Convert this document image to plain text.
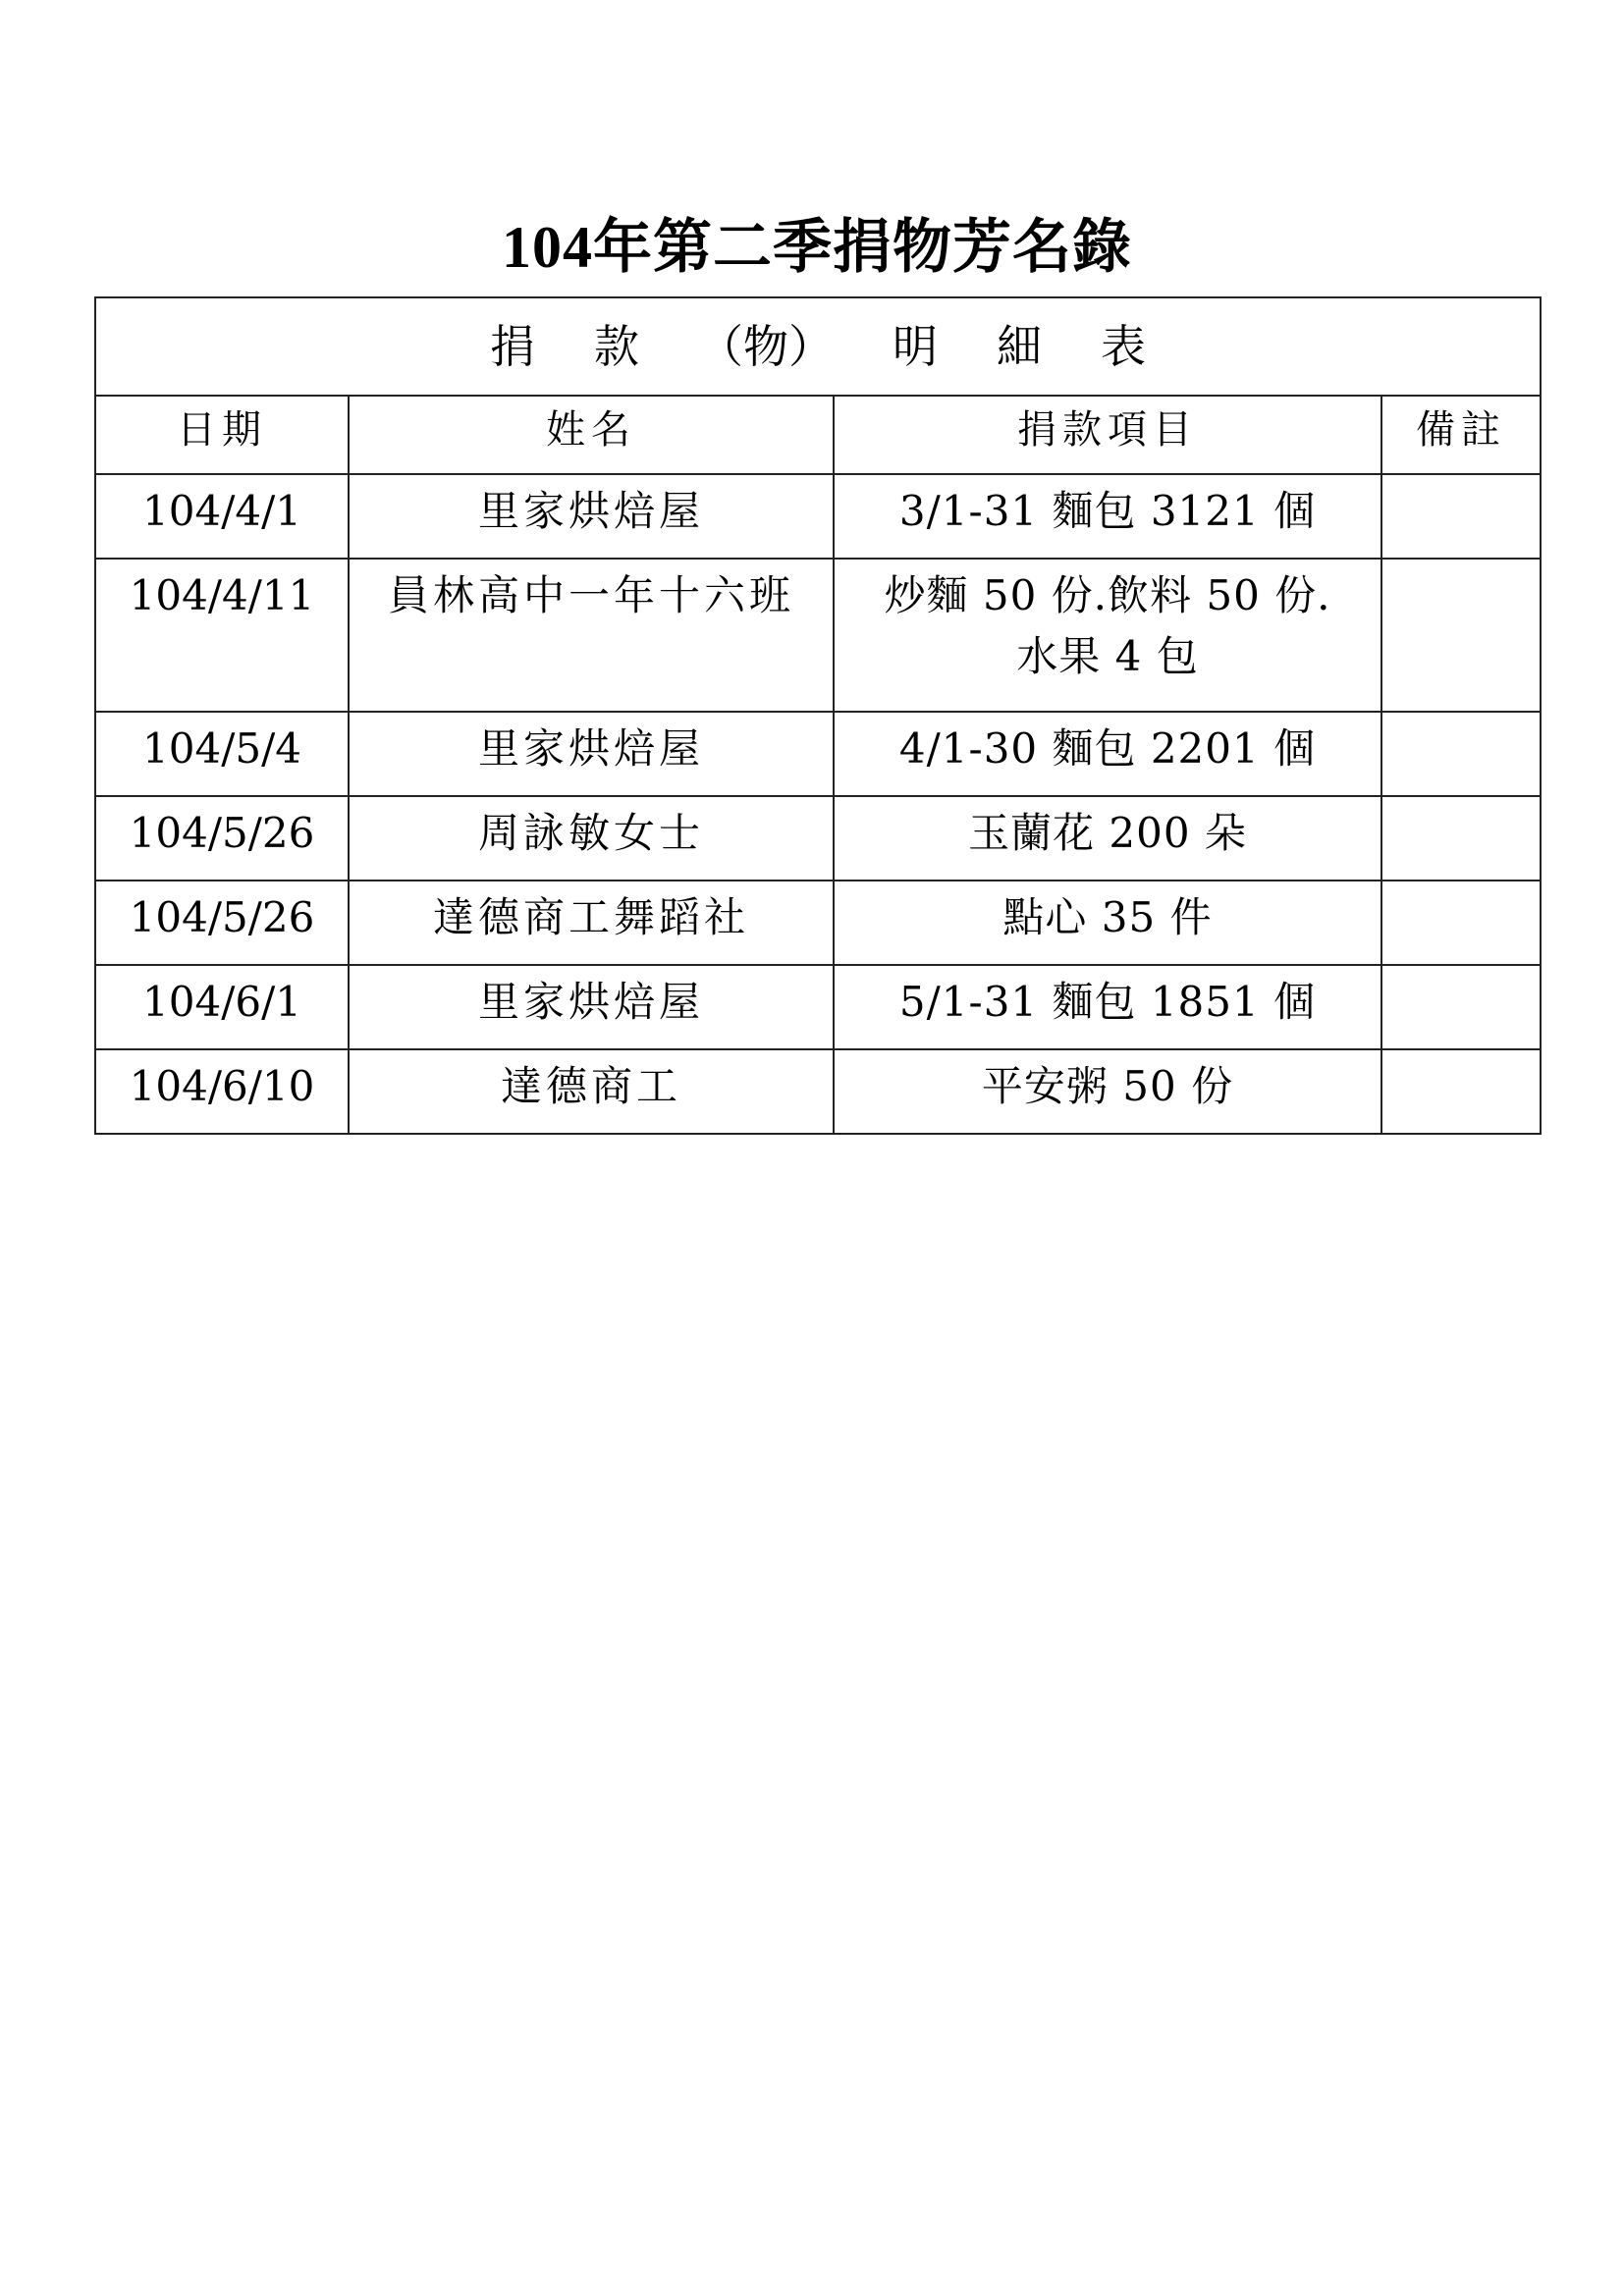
104年第二季捐物芳名錄
捐 款 （物） 明 細 表			
日期	姓名	捐款項目	備註
104/4/1	里家烘焙屋	3/1-31 麵包 3121 個	
104/4/11	員林高中一年十六班	炒麵 50 份.飲料 50 份.
水果 4 包	
104/5/4	里家烘焙屋	4/1-30 麵包 2201 個	
104/5/26	周詠敏女士	玉蘭花 200 朵	
104/5/26	達德商工舞蹈社	點心 35 件	
104/6/1	里家烘焙屋	5/1-31 麵包 1851 個	
104/6/10	達德商工	平安粥 50 份	
